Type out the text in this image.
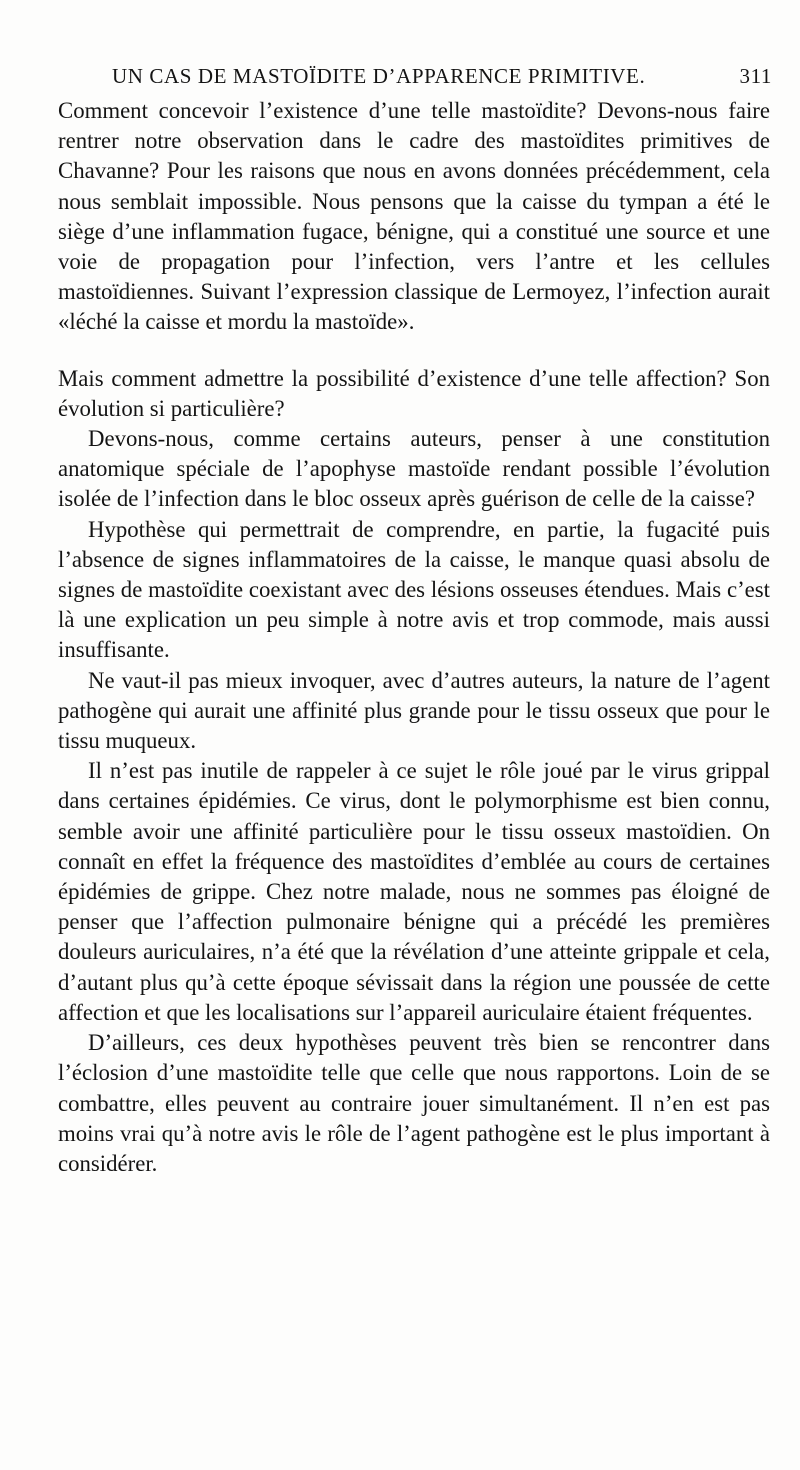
UN CAS DE MASTOÏDITE D’APPARENCE PRIMITIVE.	311

Comment concevoir l’existence d’une telle mastoïdite? Devons-nous faire rentrer notre observation dans le cadre des mastoïdites primitives de Chavanne? Pour les raisons que nous en avons données précédemment, cela nous semblait impossible. Nous pensons que la caisse du tympan a été le siège d’une inflammation fugace, bénigne, qui a constitué une source et une voie de propagation pour l’infection, vers l’antre et les cellules mastoïdiennes. Suivant l’expression classique de Lermoyez, l’infection aurait «léché la caisse et mordu la mastoïde».

Mais comment admettre la possibilité d’existence d’une telle affection? Son évolution si particulière?

Devons-nous, comme certains auteurs, penser à une constitution anatomique spéciale de l’apophyse mastoïde rendant possible l’évolution isolée de l’infection dans le bloc osseux après guérison de celle de la caisse?

Hypothèse qui permettrait de comprendre, en partie, la fugacité puis l’absence de signes inflammatoires de la caisse, le manque quasi absolu de signes de mastoïdite coexistant avec des lésions osseuses étendues. Mais c’est là une explication un peu simple à notre avis et trop commode, mais aussi insuffisante.

Ne vaut-il pas mieux invoquer, avec d’autres auteurs, la nature de l’agent pathogène qui aurait une affinité plus grande pour le tissu osseux que pour le tissu muqueux.

Il n’est pas inutile de rappeler à ce sujet le rôle joué par le virus grippal dans certaines épidémies. Ce virus, dont le polymorphisme est bien connu, semble avoir une affinité particulière pour le tissu osseux mastoïdien. On connaît en effet la fréquence des mastoïdites d’emblée au cours de certaines épidémies de grippe. Chez notre malade, nous ne sommes pas éloigné de penser que l’affection pulmonaire bénigne qui a précédé les premières douleurs auriculaires, n’a été que la révélation d’une atteinte grippale et cela, d’autant plus qu’à cette époque sévissait dans la région une poussée de cette affection et que les localisations sur l’appareil auriculaire étaient fréquentes.

D’ailleurs, ces deux hypothèses peuvent très bien se rencontrer dans l’éclosion d’une mastoïdite telle que celle que nous rapportons. Loin de se combattre, elles peuvent au contraire jouer simultanément. Il n’en est pas moins vrai qu’à notre avis le rôle de l’agent pathogène est le plus important à considérer.
